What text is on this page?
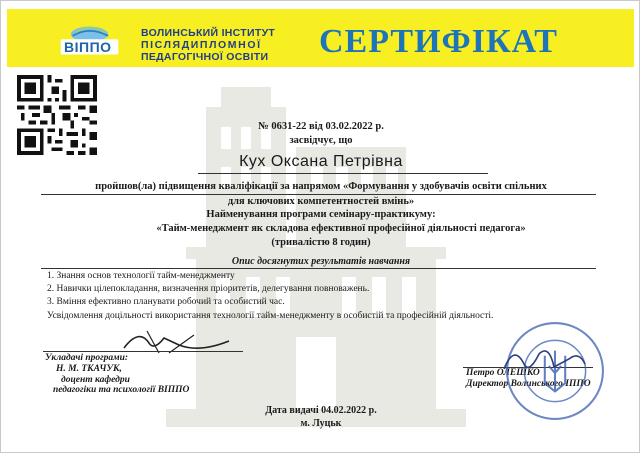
ВІППО
ВОЛИНСЬКИЙ ІНСТИТУТ
ПІСЛЯДИПЛОМНОЇ
ПЕДАГОГІЧНОЇ ОСВІТИ СЕРТИФІКАТ
№ 0631-22 від 03.02.2022 р.
засвідчує, що
Кух Оксана Петрівна
пройшов(ла) підвищення кваліфікації за напрямом «Формування у здобувачів освіти спільних
для ключових компетентностей вмінь»
Найменування програми семінару-практикуму:
«Тайм-менеджмент як складова ефективної професійної діяльності педагога»
(тривалістю 8 годин)
Опис досягнутих результатів навчання
1. Знання основ технології тайм-менеджменту
2. Навички цілепокладання, визначення пріоритетів, делегування повноважень.
3. Вміння ефективно планувати робочий та особистий час.
Усвідомлення доцільності використання технології тайм-менеджменту в особистій та професійній діяльності.
Укладачі програми:
Н. М. ТКАЧУК,
доцент кафедри
педагогіки та психології ВІППО
Петро ОЛЕШКО
Директор Волинського ІППО
Дата видачі 04.02.2022 р.
м. Луцьк
